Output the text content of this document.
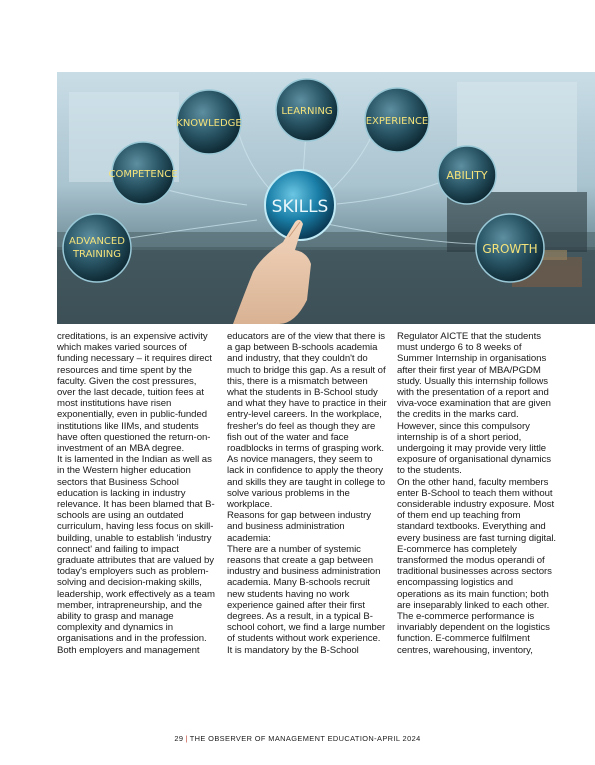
COMPETENCE
KNOWLEDGE
LEARNING
EXPERIENCE
ABILITY
ADVANCED
TRAINING	GROWTH
SKILLS

creditations, is an expensive activity which makes varied sources of funding necessary – it requires direct resources and time spent by the faculty. Given the cost pressures, over the last decade, tuition fees at most institutions have risen exponentially, even in public-funded institutions like IIMs, and students have often questioned the return-on-investment of an MBA degree.

It is lamented in the Indian as well as in the Western higher education sectors that Business School education is lacking in industry relevance. It has been blamed that B-schools are using an outdated curriculum, having less focus on skill-building, unable to establish 'industry connect' and failing to impact graduate attributes that are valued by today's employers such as problem-solving and decision-making skills, leadership, work effectively as a team member, intrapreneurship, and the ability to grasp and manage complexity and dynamics in organisations and in the profession.

Both employers and management

educators are of the view that there is a gap between B-schools academia and industry, that they couldn't do much to bridge this gap. As a result of this, there is a mismatch between what the students in B-School study and what they have to practice in their entry-level careers. In the workplace, fresher's do feel as though they are fish out of the water and face roadblocks in terms of grasping work. As novice managers, they seem to lack in confidence to apply the theory and skills they are taught in college to solve various problems in the workplace.

Reasons for gap between industry and business administration academia:

There are a number of systemic reasons that create a gap between industry and business administration academia. Many B-schools recruit new students having no work experience gained after their first degrees. As a result, in a typical B-school cohort, we find a large number of students without work experience. It is mandatory by the B-School

Regulator AICTE that the students must undergo 6 to 8 weeks of Summer Internship in organisations after their first year of MBA/PGDM study. Usually this internship follows with the presentation of a report and viva-voce examination that are given the credits in the marks card. However, since this compulsory internship is of a short period, undergoing it may provide very little exposure of organisational dynamics to the students.

On the other hand, faculty members enter B-School to teach them without considerable industry exposure. Most of them end up teaching from standard textbooks. Everything and every business are fast turning digital. E-commerce has completely transformed the modus operandi of traditional businesses across sectors encompassing logistics and operations as its main function; both are inseparably linked to each other.

The e-commerce performance is invariably dependent on the logistics function. E-commerce fulfilment centres, warehousing, inventory,

29 | THE OBSERVER OF MANAGEMENT EDUCATION-APRIL 2024
